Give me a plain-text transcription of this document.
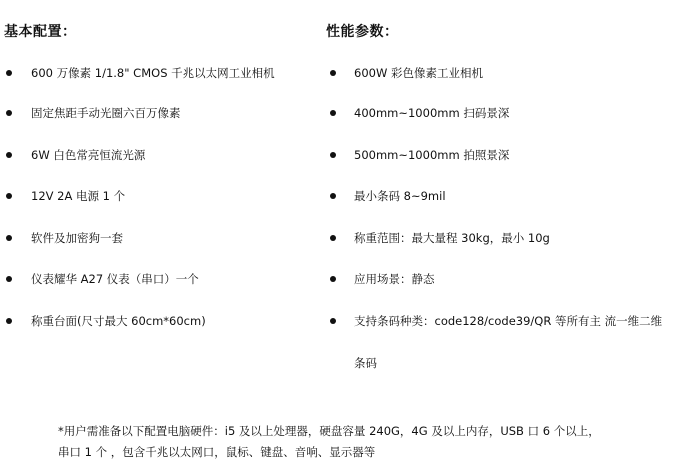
基本配置：
600 万像素 1/1.8" CMOS 千兆以太网工业相机
固定焦距手动光圈六百万像素
6W 白色常亮恒流光源
12V 2A 电源 1 个
软件及加密狗一套
仪表耀华 A27 仪表（串口）一个
称重台面(尺寸最大 60cm*60cm)
性能参数：
600W 彩色像素工业相机
400mm~1000mm 扫码景深
500mm~1000mm 拍照景深
最小条码 8~9mil
称重范围：最大量程 30kg，最小 10g
应用场景：静态
支持条码种类：code128/code39/QR 等所有主 流一维二维
条码
*用户需准备以下配置电脑硬件：i5 及以上处理器，硬盘容量 240G，4G 及以上内存，USB 口 6 个以上，
串口 1 个 ，包含千兆以太网口，鼠标、键盘、音响、显示器等
